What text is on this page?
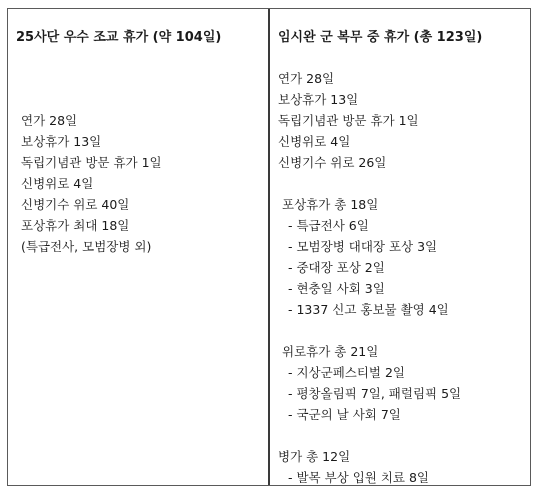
25사단 우수 조교 휴가 (약 104일)
연가 28일
보상휴가 13일
독립기념관 방문 휴가 1일
신병위로 4일
신병기수 위로 40일
포상휴가 최대 18일
(특급전사, 모범장병 외)
임시완 군 복무 중 휴가 (총 123일)
연가 28일
보상휴가 13일
독립기념관 방문 휴가 1일
신병위로 4일
신병기수 위로 26일
포상휴가 총 18일
- 특급전사 6일
- 모범장병 대대장 포상 3일
- 중대장 포상 2일
- 현충일 사회 3일
- 1337 신고 홍보물 촬영 4일
위로휴가 총 21일
- 지상군페스티벌 2일
- 평창올림픽 7일, 패럴림픽 5일
- 국군의 날 사회 7일
병가 총 12일
- 발목 부상 입원 치료 8일
